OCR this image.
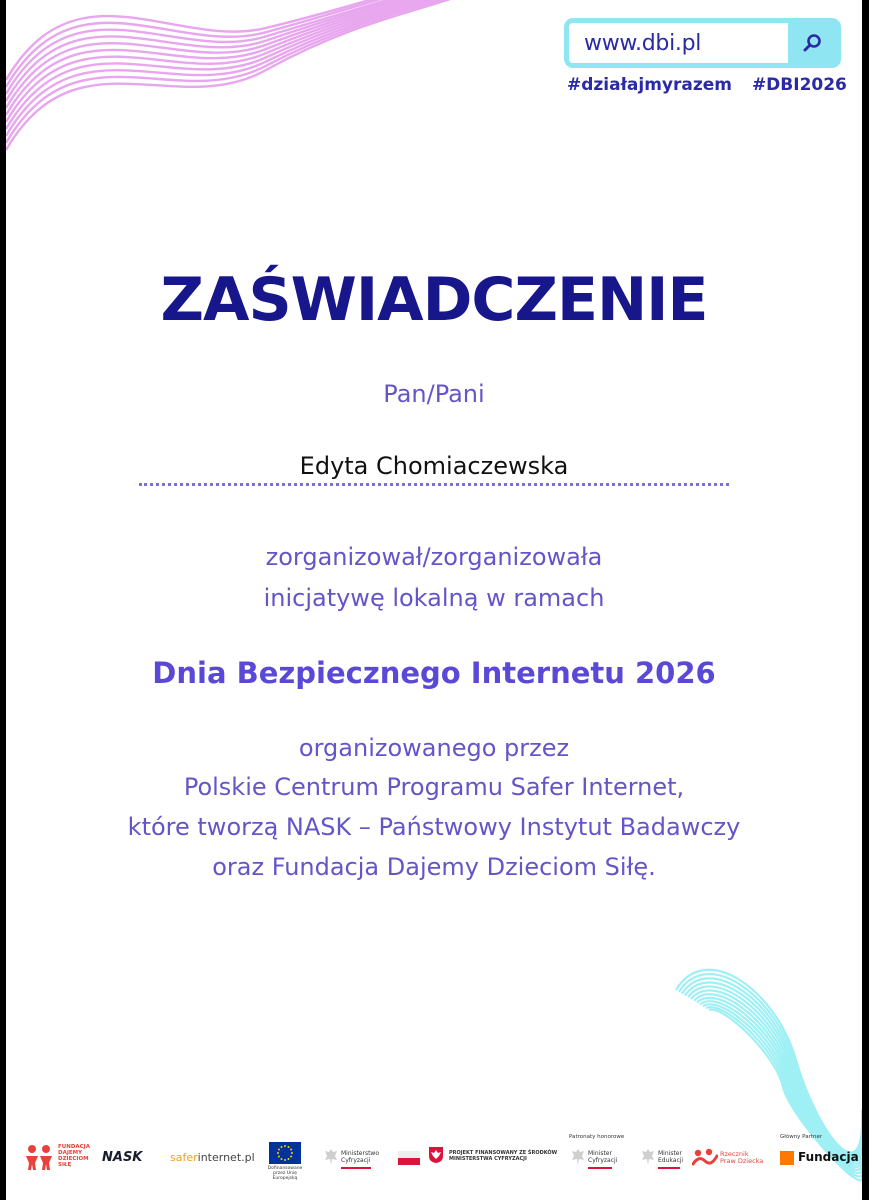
www.dbi.pl
#działajmyrazem #DBI2026
ZAŚWIADCZENIE
Pan/Pani
Edyta Chomiaczewska
zorganizował/zorganizowała
inicjatywę lokalną w ramach
Dnia Bezpiecznego Internetu 2026
organizowanego przez
Polskie Centrum Programu Safer Internet,
które tworzą NASK – Państwowy Instytut Badawczy
oraz Fundacja Dajemy Dzieciom Siłę.
FUNDACJA
DAJEMY
DZIECIOM
SIŁĘ	NASK	saferinternet.pl
Dofinansowane przez Unię Europejską
Ministerstwo
Cyfryzacji
PROJEKT FINANSOWANY ZE ŚRODKÓW
MINISTERSTWA CYFRYZACJI
Patronaty honorowe
Minister
Cyfryzacji
Minister
Edukacji
Rzecznik
Praw Dziecka
Główny Partner
Fundacja
